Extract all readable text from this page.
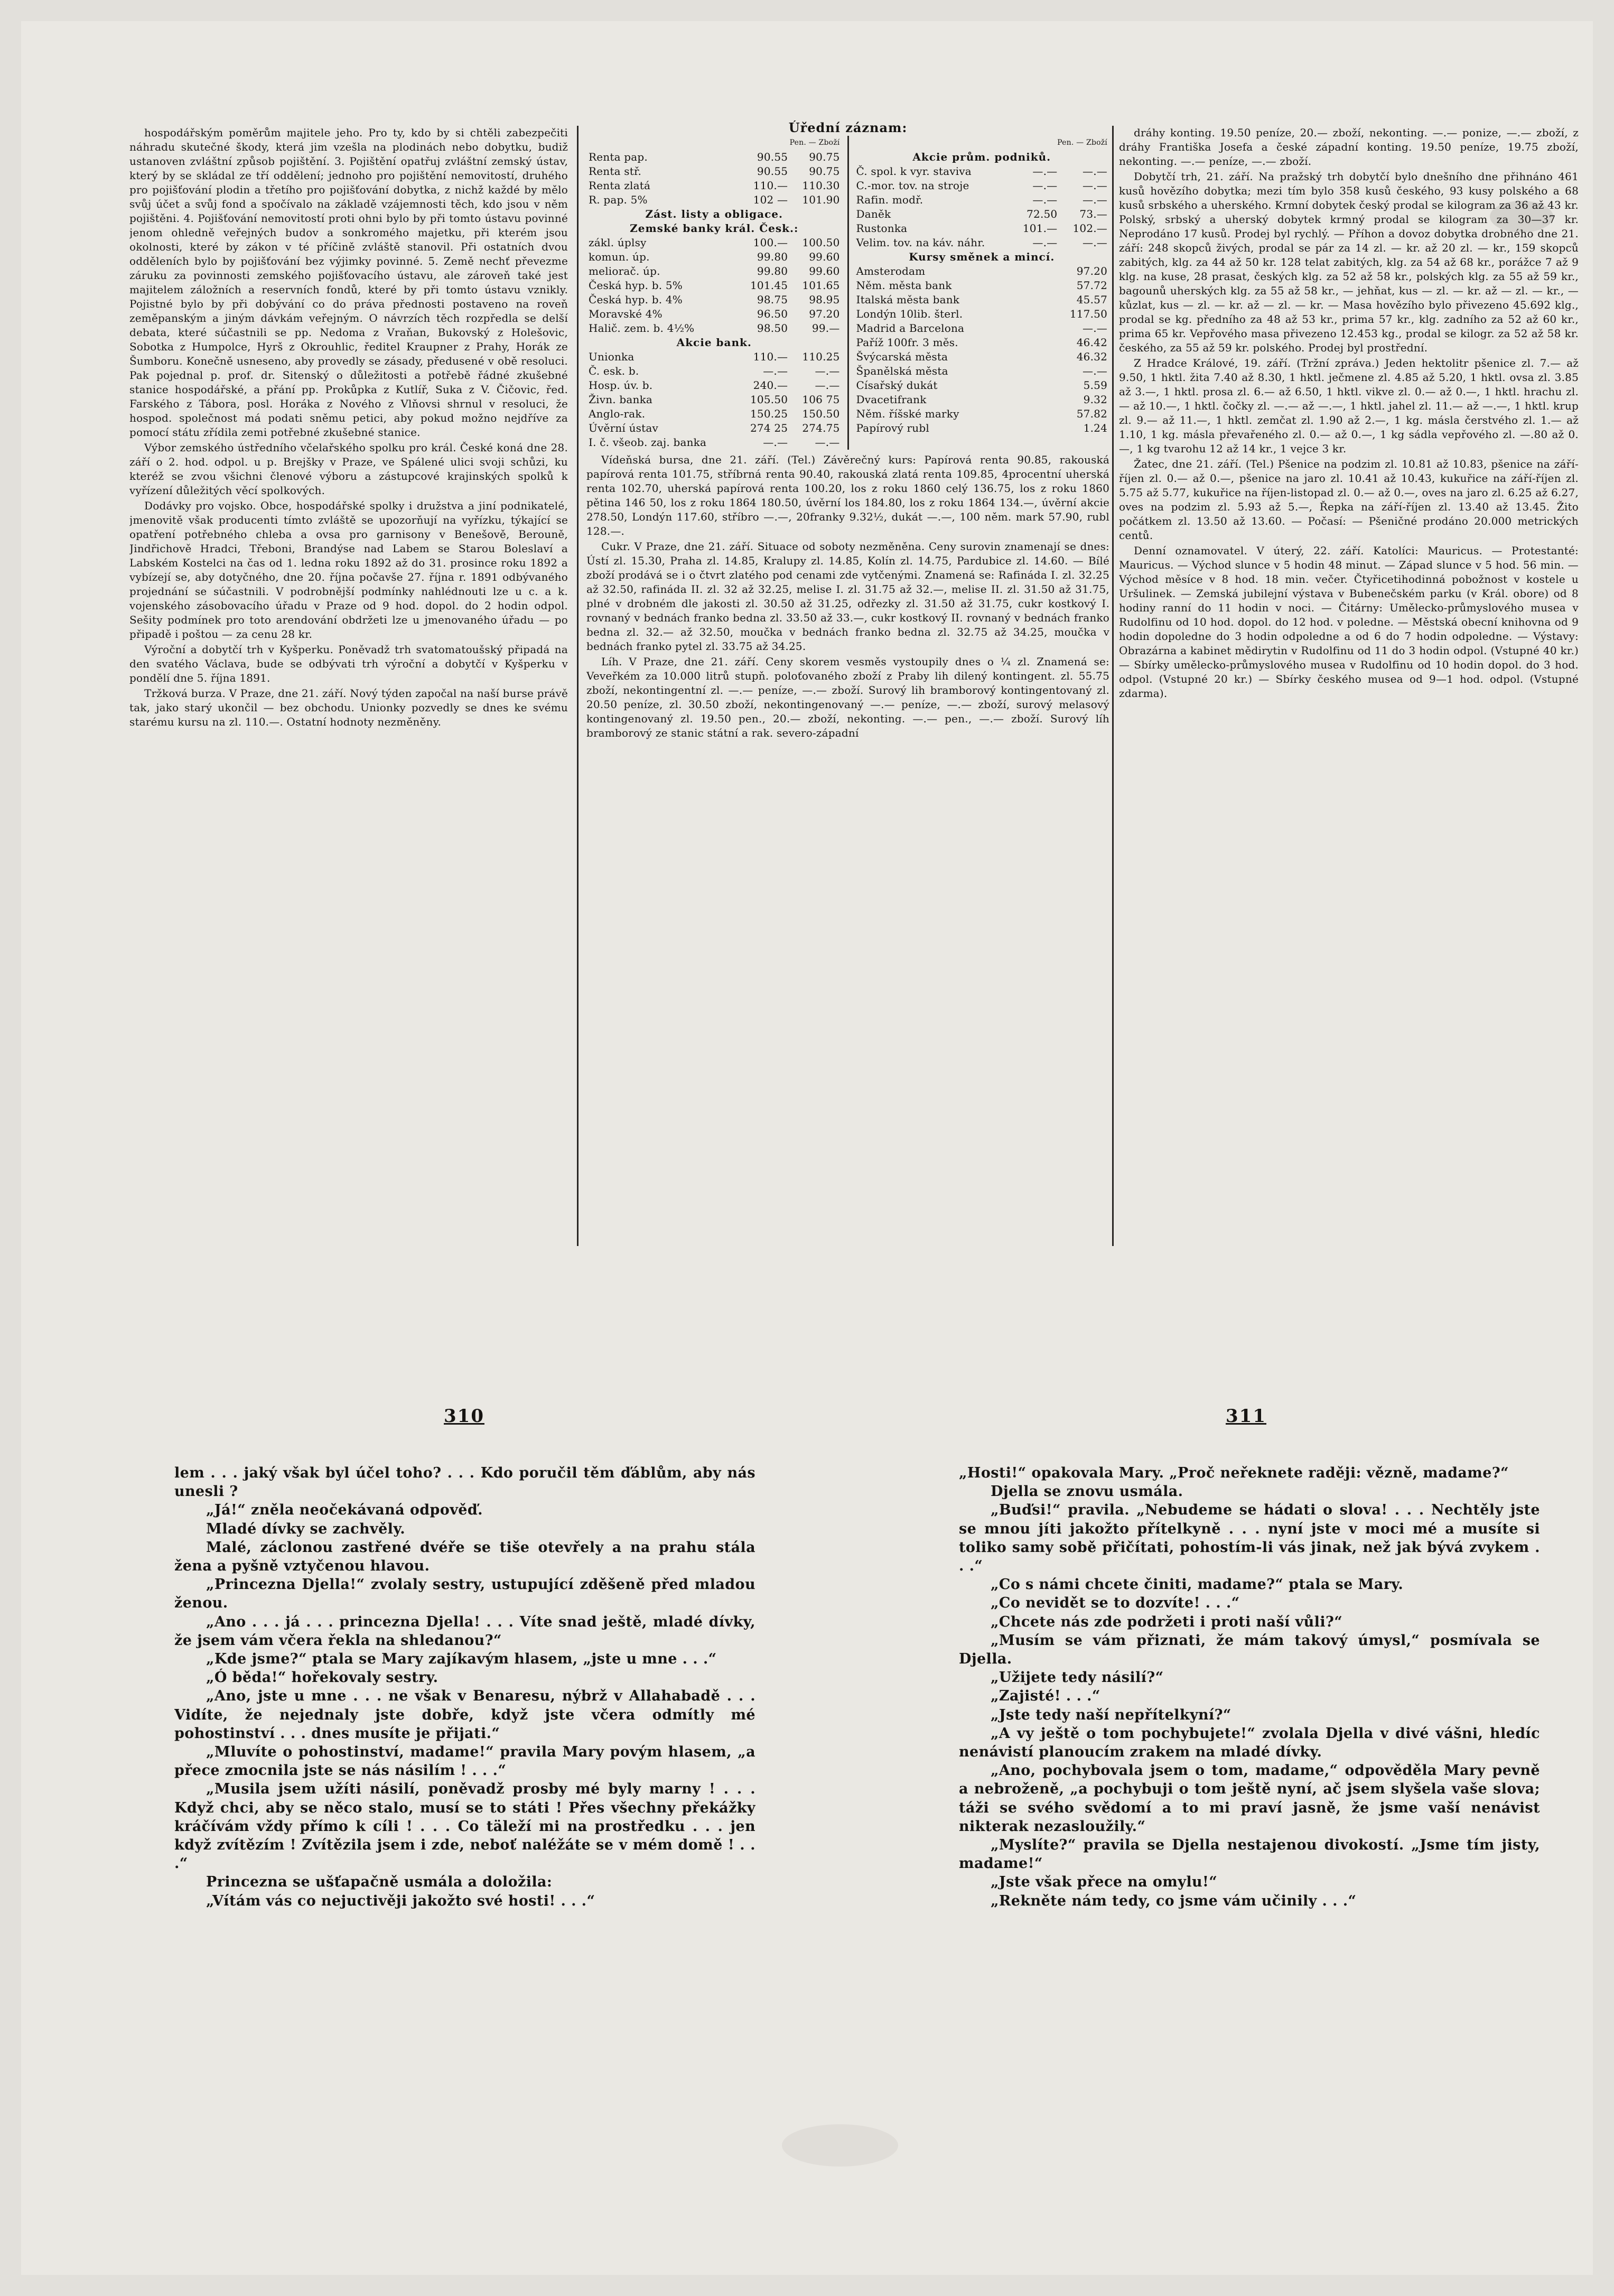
hospodářským poměrům majitele jeho. Pro ty, kdo by si chtěli zabezpečiti náhradu skutečné škody, která jim vzešla na plodinách nebo dobytku, budiž ustanoven zvláštní způsob pojištění. 3. Pojištění opatřuj zvláštní zemský ústav, který by se skládal ze tří oddělení; jednoho pro pojištění nemovitostí, druhého pro pojišťování plodin a třetího pro pojišťování dobytka, z nichž každé by mělo svůj účet a svůj fond a spočívalo na základě vzájemnosti těch, kdo jsou v něm pojištěni. 4. Pojišťování nemovitostí proti ohni bylo by při tomto ústavu povinné jenom ohledně veřejných budov a sonkromého majetku, při kterém jsou okolnosti, které by zákon v té příčině zvláště stanovil. Při ostatních dvou odděleních bylo by pojišťování bez výjimky povinné. 5. Země nechť převezme záruku za povinnosti zemského pojišťovacího ústavu, ale zároveň také jest majitelem záložních a reservních fondů, které by při tomto ústavu vznikly. Pojistné bylo by při dobývání co do práva přednosti postaveno na roveň zeměpanským a jiným dávkám veřejným. O návrzích těch rozpředla se delší debata, které súčastnili se pp. Nedoma z Vraňan, Bukovský z Holešovic, Sobotka z Humpolce, Hyrš z Okrouhlic, ředitel Kraupner z Prahy, Horák ze Šumboru. Konečně usneseno, aby provedly se zásady, předusené v obě resoluci. Pak pojednal p. prof. dr. Sitenský o důležitosti a potřebě řádné zkušebné stanice hospodářské, a přání pp. Prokůpka z Kutlíř, Suka z V. Čičovic, řed. Farského z Tábora, posl. Horáka z Nového z Vlňovsi shrnul v resoluci, že hospod. společnost má podati sněmu petici, aby pokud možno nejdříve za pomocí státu zřídila zemi potřebné zkušebné stanice.

Výbor zemského ústředního včelařského spolku pro král. České koná dne 28. září o 2. hod. odpol. u p. Brejšky v Praze, ve Spálené ulici svoji schůzi, ku kteréž se zvou všichni členové výboru a zástupcové krajinských spolků k vyřízení důležitých věcí spolkových.

Dodávky pro vojsko. Obce, hospodářské spolky i družstva a jiní podnikatelé, jmenovitě však producenti tímto zvláště se upozorňují na vyřízku, týkající se opatření potřebného chleba a ovsa pro garnisony v Benešově, Berouně, Jindřichově Hradci, Třeboni, Brandýse nad Labem se Starou Boleslaví a Labském Kostelci na čas od 1. ledna roku 1892 až do 31. prosince roku 1892 a vybízejí se, aby dotyčného, dne 20. října počavše 27. října r. 1891 odbývaného projednání se súčastnili. V podrobnější podmínky nahlédnouti lze u c. a k. vojenského zásobovacího úřadu v Praze od 9 hod. dopol. do 2 hodin odpol. Sešity podmínek pro toto arendování obdržeti lze u jmenovaného úřadu — po připadě i poštou — za cenu 28 kr.

Výroční a dobytčí trh v Kyšperku. Poněvadž trh svatomatoušský připadá na den svatého Václava, bude se odbývati trh výroční a dobytčí v Kyšperku v pondělí dne 5. října 1891.

Tržková burza. V Praze, dne 21. září. Nový týden započal na naší burse právě tak, jako starý ukončil — bez obchodu. Unionky pozvedly se dnes ke svému starému kursu na zl. 110.—. Ostatní hodnoty nezměněny.

Úřední záznam:

	Pen. — Zboží	
Renta pap.	90.55	90.75
Renta stř.	90.55	90.75
Renta zlatá	110.—	110.30
R. pap. 5%	102 —	101.90
Zást. listy a obligace.		
Zemské banky král. Česk.:		
zákl. úplsy	100.—	100.50
komun. úp.	99.80	99.60
meliorač. úp.	99.80	99.60
Česká hyp. b. 5%	101.45	101.65
Česká hyp. b. 4%	98.75	98.95
Moravské 4%	96.50	97.20
Halič. zem. b. 4½%	98.50	99.—
Akcie bank.		
Unionka	110.—	110.25
Č. esk. b.	—.—	—.—
Hosp. úv. b.	240.—	—.—
Živn. banka	105.50	106 75
Anglo-rak.	150.25	150.50
Úvěrní ústav	274 25	274.75
I. č. všeob. zaj. banka	—.—	—.—
	Pen. — Zboží	
Akcie prům. podniků.		
Č. spol. k vyr. staviva	—.—	—.—
C.-mor. tov. na stroje	—.—	—.—
Rafin. modř.	—.—	—.—
Daněk	72.50	73.—
Rustonka	101.—	102.—
Velim. tov. na káv. náhr.	—.—	—.—
Kursy směnek a mincí.		
Amsterodam		97.20
Něm. města bank		57.72
Italská města bank		45.57
Londýn 10lib. šterl.		117.50
Madrid a Barcelona		—.—
Paříž 100fr. 3 měs.		46.42
Švýcarská města		46.32
Španělská města		—.—
Císařský dukát		5.59
Dvacetifrank		9.32
Něm. říšské marky		57.82
Papírový rubl		1.24

Vídeňská bursa, dne 21. září. (Tel.) Závěrečný kurs: Papírová renta 90.85, rakouská papírová renta 101.75, stříbrná renta 90.40, rakouská zlatá renta 109.85, 4procentní uherská renta 102.70, uherská papírová renta 100.20, los z roku 1860 celý 136.75, los z roku 1860 pětina 146 50, los z roku 1864 180.50, úvěrní los 184.80, los z roku 1864 134.—, úvěrní akcie 278.50, Londýn 117.60, stříbro —.—, 20franky 9.32½, dukát —.—, 100 něm. mark 57.90, rubl 128.—.

Cukr. V Praze, dne 21. září. Situace od soboty nezměněna. Ceny surovin znamenají se dnes: Ústí zl. 15.30, Praha zl. 14.85, Kralupy zl. 14.85, Kolín zl. 14.75, Pardubice zl. 14.60. — Bílé zboží prodává se i o čtvrt zlatého pod cenami zde vytčenými. Znamená se: Rafináda I. zl. 32.25 až 32.50, rafináda II. zl. 32 až 32.25, melise I. zl. 31.75 až 32.—, melise II. zl. 31.50 až 31.75, plné v drobném dle jakosti zl. 30.50 až 31.25, odřezky zl. 31.50 až 31.75, cukr kostkový I. rovnaný v bednách franko bedna zl. 33.50 až 33.—, cukr kostkový II. rovnaný v bednách franko bedna zl. 32.— až 32.50, moučka v bednách franko bedna zl. 32.75 až 34.25, moučka v bednách franko pytel zl. 33.75 až 34.25.

Líh. V Praze, dne 21. září. Ceny skorem vesměs vystoupily dnes o ¼ zl. Znamená se: Veveřkém za 10.000 litrů stupň. poloťovaného zboží z Praby lih dilený kontingent. zl. 55.75 zboží, nekontingentní zl. —.— peníze, —.— zboží. Surový lih bramborový kontingentovaný zl. 20.50 peníze, zl. 30.50 zboží, nekontingenovaný —.— peníze, —.— zboží, surový melasový kontingenovaný zl. 19.50 pen., 20.— zboží, nekonting. —.— pen., —.— zboží. Surový líh bramborový ze stanic státní a rak. severo-západní

dráhy konting. 19.50 peníze, 20.— zboží, nekonting. —.— ponize, —.— zboží, z dráhy Františka Josefa a české západní konting. 19.50 peníze, 19.75 zboží, nekonting. —.— peníze, —.— zboží.

Dobytčí trh, 21. září. Na pražský trh dobytčí bylo dnešního dne přihnáno 461 kusů hovězího dobytka; mezi tím bylo 358 kusů českého, 93 kusy polského a 68 kusů srbského a uherského. Krmní dobytek český prodal se kilogram za 36 až 43 kr. Polský, srbský a uherský dobytek krmný prodal se kilogram za 30—37 kr. Neprodáno 17 kusů. Prodej byl rychlý. — Příhon a dovoz dobytka drobného dne 21. září: 248 skopců živých, prodal se pár za 14 zl. — kr. až 20 zl. — kr., 159 skopců zabitých, klg. za 44 až 50 kr. 128 telat zabitých, klg. za 54 až 68 kr., porážce 7 až 9 klg. na kuse, 28 prasat, českých klg. za 52 až 58 kr., polských klg. za 55 až 59 kr., bagounů uherských klg. za 55 až 58 kr., — jehňat, kus — zl. — kr. až — zl. — kr., — kůzlat, kus — zl. — kr. až — zl. — kr. — Masa hovězího bylo přivezeno 45.692 klg., prodal se kg. předního za 48 až 53 kr., prima 57 kr., klg. zadního za 52 až 60 kr., prima 65 kr. Vepřového masa přivezeno 12.453 kg., prodal se kilogr. za 52 až 58 kr. českého, za 55 až 59 kr. polského. Prodej byl prostřední.

Z Hradce Králové, 19. září. (Tržní zpráva.) Jeden hektolitr pšenice zl. 7.— až 9.50, 1 hktl. žita 7.40 až 8.30, 1 hktl. ječmene zl. 4.85 až 5.20, 1 hktl. ovsa zl. 3.85 až 3.—, 1 hktl. prosa zl. 6.— až 6.50, 1 hktl. vikve zl. 0.— až 0.—, 1 hktl. hrachu zl. — až 10.—, 1 hktl. čočky zl. —.— až —.—, 1 hktl. jahel zl. 11.— až —.—, 1 hktl. krup zl. 9.— až 11.—, 1 hktl. zemčat zl. 1.90 až 2.—, 1 kg. másla čerstvého zl. 1.— až 1.10, 1 kg. másla převařeného zl. 0.— až 0.—, 1 kg sádla vepřového zl. —.80 až 0.—, 1 kg tvarohu 12 až 14 kr., 1 vejce 3 kr.

Žatec, dne 21. září. (Tel.) Pšenice na podzim zl. 10.81 až 10.83, pšenice na září-říjen zl. 0.— až 0.—, pšenice na jaro zl. 10.41 až 10.43, kukuřice na září-říjen zl. 5.75 až 5.77, kukuřice na říjen-listopad zl. 0.— až 0.—, oves na jaro zl. 6.25 až 6.27, oves na podzim zl. 5.93 až 5.—, Řepka na září-říjen zl. 13.40 až 13.45. Žito počátkem zl. 13.50 až 13.60. — Počasí: — Pšeničné prodáno 20.000 metrických centů.

Denní oznamovatel. V úterý, 22. září. Katolíci: Mauricus. — Protestanté: Mauricus. — Východ slunce v 5 hodin 48 minut. — Západ slunce v 5 hod. 56 min. — Východ měsíce v 8 hod. 18 min. večer. Čtyřicetihodinná pobožnost v kostele u Uršulinek. — Zemská jubilejní výstava v Bubenečském parku (v Král. obore) od 8 hodiny ranní do 11 hodin v noci. — Čitárny: Umělecko-průmyslového musea v Rudolfinu od 10 hod. dopol. do 12 hod. v poledne. — Městská obecní knihovna od 9 hodin dopoledne do 3 hodin odpoledne a od 6 do 7 hodin odpoledne. — Výstavy: Obrazárna a kabinet mědirytin v Rudolfinu od 11 do 3 hodin odpol. (Vstupné 40 kr.) — Sbírky umělecko-průmyslového musea v Rudolfinu od 10 hodin dopol. do 3 hod. odpol. (Vstupné 20 kr.) — Sbírky českého musea od 9—1 hod. odpol. (Vstupné zdarma).

310	311

lem . . . jaký však byl účel toho? . . . Kdo poručil těm ďáblům, aby nás unesli ?

„Já!“ zněla neočekávaná odpověď.

Mladé dívky se zachvěly.

Malé, záclonou zastřené dvéře se tiše otevřely a na prahu stála žena a pyšně vztyčenou hlavou.

„Princezna Djella!“ zvolaly sestry, ustupující zděšeně před mladou ženou.

„Ano . . . já . . . princezna Djella! . . . Víte snad ještě, mladé dívky, že jsem vám včera řekla na shledanou?“

„Kde jsme?“ ptala se Mary zajíkavým hlasem, „jste u mne . . .“

„Ó běda!“ hořekovaly sestry.

„Ano, jste u mne . . . ne však v Benaresu, nýbrž v Allahabadě . . . Vidíte, že nejednaly jste dobře, když jste včera odmítly mé pohostinství . . . dnes musíte je přijati.“

„Mluvíte o pohostinství, madame!“ pravila Mary povým hlasem, „a přece zmocnila jste se nás násilím ! . . .“

„Musila jsem užíti násilí, poněvadž prosby mé byly marny ! . . . Když chci, aby se něco stalo, musí se to státi ! Přes všechny překážky kráčívám vždy přímo k cíli ! . . . Co täleží mi na prostředku . . . jen když zvítězím ! Zvítězila jsem i zde, neboť naléžáte se v mém domě ! . . .“

Princezna se ušťapačně usmála a doložila:

„Vítám vás co nejuctivěji jakožto své hosti! . . .“

„Hosti!“ opakovala Mary. „Proč neřeknete raději: vězně, madame?“

Djella se znovu usmála.

„Buďsi!“ pravila. „Nebudeme se hádati o slova! . . . Nechtěly jste se mnou jíti jakožto přítelkyně . . . nyní jste v moci mé a musíte si toliko samy sobě přičítati, pohostím-li vás jinak, než jak bývá zvykem . . .“

„Co s námi chcete činiti, madame?“ ptala se Mary.

„Co nevidět se to dozvíte! . . .“

„Chcete nás zde podržeti i proti naší vůli?“

„Musím se vám přiznati, že mám takový úmysl,“ posmívala se Djella.

„Užijete tedy násilí?“

„Zajisté! . . .“

„Jste tedy naší nepřítelkyní?“

„A vy ještě o tom pochybujete!“ zvolala Djella v divé vášni, hledíc nenávistí planoucím zrakem na mladé dívky.

„Ano, pochybovala jsem o tom, madame,“ odpověděla Mary pevně a nebroženě, „a pochybuji o tom ještě nyní, ač jsem slyšela vaše slova; táži se svého svědomí a to mi praví jasně, že jsme vaší nenávist nikterak nezasloužily.“

„Myslíte?“ pravila se Djella nestajenou divokostí. „Jsme tím jisty, madame!“

„Jste však přece na omylu!“

„Rekněte nám tedy, co jsme vám učinily . . .“
